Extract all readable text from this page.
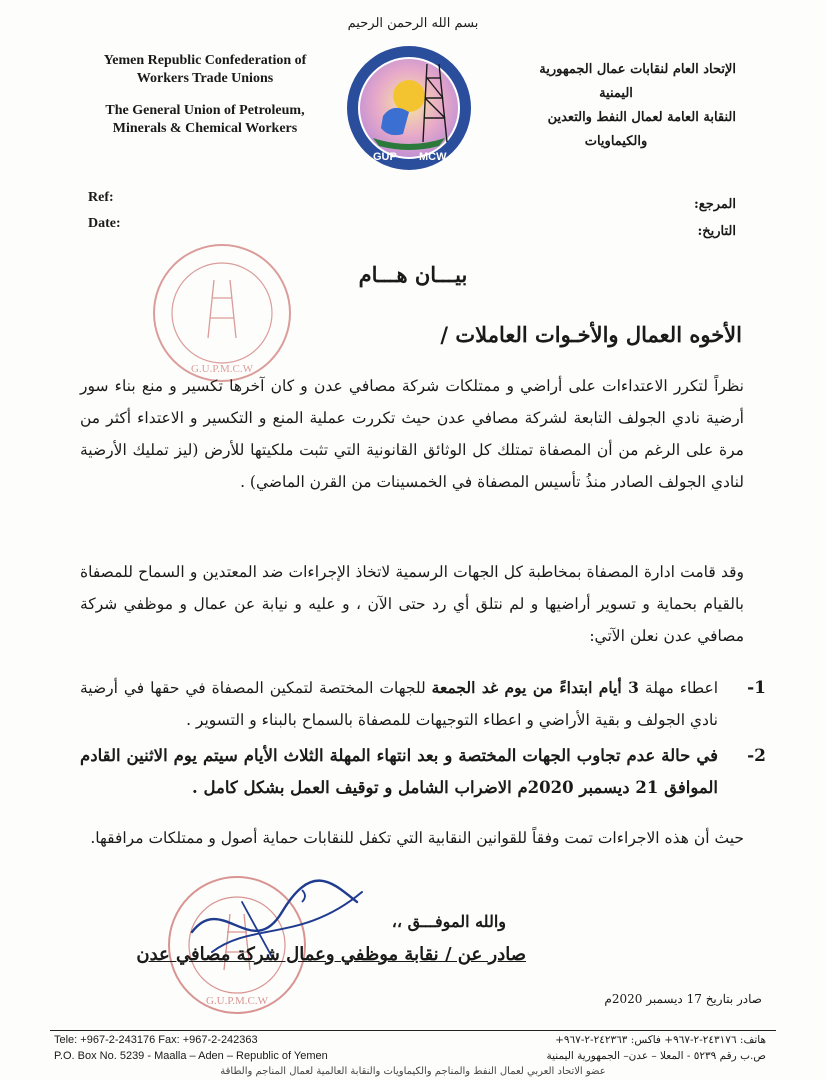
بسم الله الرحمن الرحيم
Yemen Republic Confederation of
Workers Trade Unions
The General Union of Petroleum,
Minerals & Chemical Workers
GUP MCW
الإتحاد العام لنقابات عمال الجمهورية
اليمنية
النقابة العامة لعمال النفط والتعدين
والكيماويات
Ref:
Date:
المرجع:
التاريخ:
G.U.P.M.C.W
بيـــان هـــام
الأخوه العمال والأخـوات العاملات /
نظراً لتكرر الاعتداءات على أراضي و ممتلكات شركة مصافي عدن و كان آخرها تكسير و منع بناء سور أرضية نادي الجولف التابعة لشركة مصافي عدن حيث تكررت عملية المنع و التكسير و الاعتداء أكثر من مرة على الرغم من أن المصفاة تمتلك كل الوثائق القانونية التي تثبت ملكيتها للأرض (ليز تمليك الأرضية لنادي الجولف الصادر منذُ تأسيس المصفاة في الخمسينات من القرن الماضي) .
وقد قامت ادارة المصفاة بمخاطبة كل الجهات الرسمية لاتخاذ الإجراءات ضد المعتدين و السماح للمصفاة بالقيام بحماية و تسوير أراضيها و لم نتلق أي رد حتى الآن ، و عليه و نيابة عن عمال و موظفي شركة مصافي عدن نعلن الآتي:
1-
اعطاء مهلة 3 أيام ابتداءً من يوم غد الجمعة للجهات المختصة لتمكين المصفاة في حقها في أرضية نادي الجولف و بقية الأراضي و اعطاء التوجيهات للمصفاة بالسماح بالبناء و التسوير .
2-
في حالة عدم تجاوب الجهات المختصة و بعد انتهاء المهلة الثلاث الأيام سيتم يوم الاثنين القادم الموافق 21 ديسمبر 2020م الاضراب الشامل و توقيف العمل بشكل كامل .
حيث أن هذه الاجراءات تمت وفقاً للقوانين النقابية التي تكفل للنقابات حماية أصول و ممتلكات مرافقها.
G.U.P.M.C.W
والله الموفـــق ،،
صادر عن / نقابة موظفي وعمال شركة مصافي عدن
صادر بتاريخ 17 ديسمبر 2020م
Tele: +967-2-243176 Fax: +967-2-242363
P.O. Box No. 5239 - Maalla – Aden – Republic of Yemen
هاتف: ٢٤٣١٧٦-٢-٩٦٧+ فاكس: ٢٤٢٣٦٣-٢-٩٦٧+
ص.ب رقم ٥٢٣٩ - المعلا – عدن– الجمهورية اليمنية
عضو الاتحاد العربي لعمال النفط والمناجم والكيماويات والنقابة العالمية لعمال المناجم والطاقة
